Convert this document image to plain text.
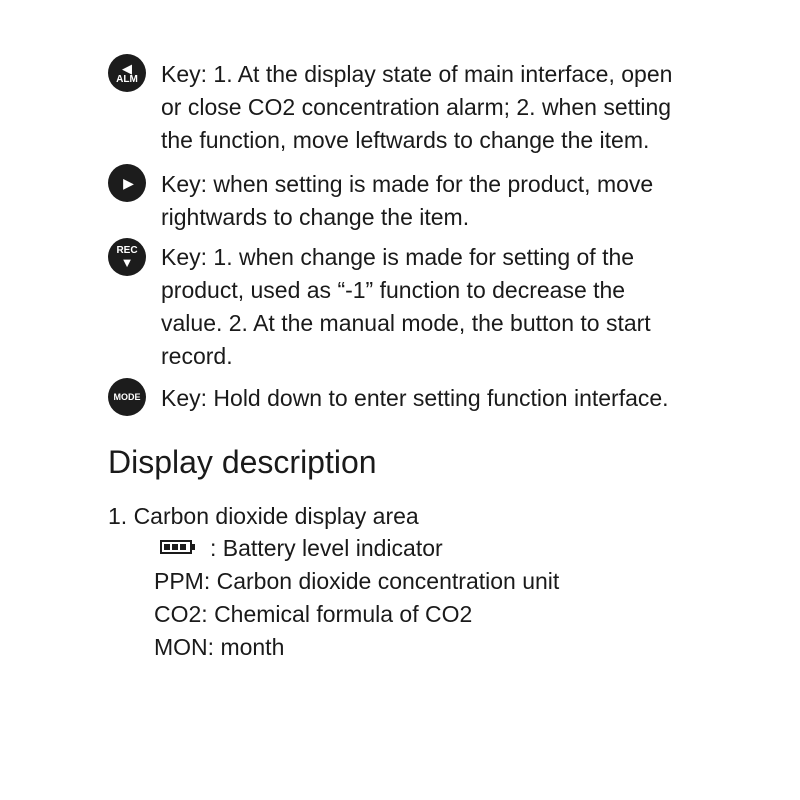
◀
ALM Key: 1. At the display state of main interface, open
or close CO2 concentration alarm; 2. when setting
the function, move leftwards to change the item.
▶ Key: when setting is made for the product, move
rightwards to change the item.
REC
▼ Key: 1. when change is made for setting of the
product, used as “-1” function to decrease the
value. 2. At the manual mode, the button to start
record.
MODE Key: Hold down to enter setting function interface.
Display description
1. Carbon dioxide display area
: Battery level indicator
PPM: Carbon dioxide concentration unit
CO2: Chemical formula of CO2
MON: month
